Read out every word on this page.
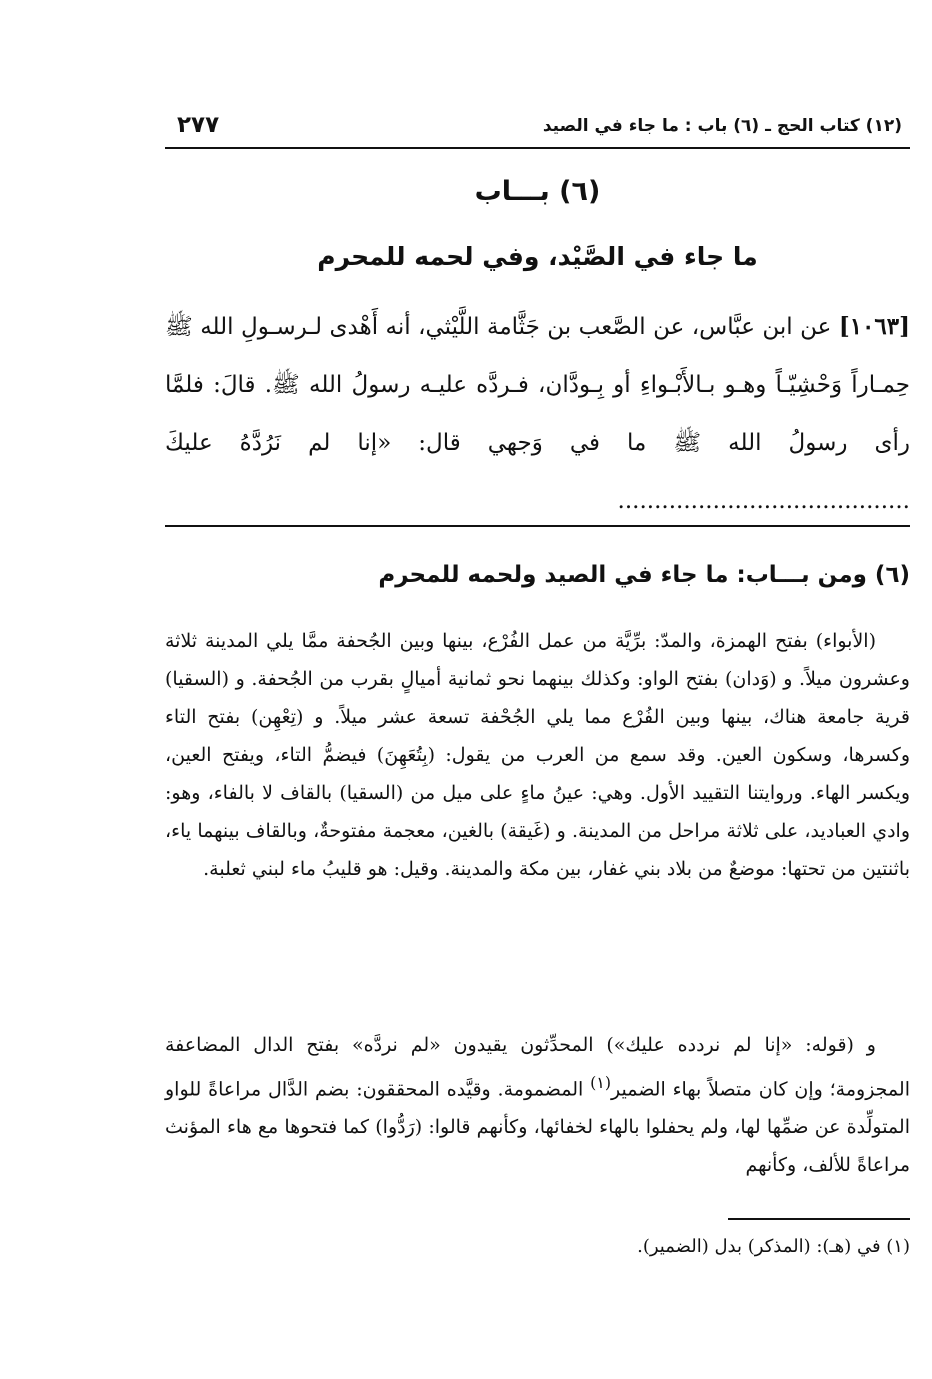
(١٢) كتاب الحج ـ (٦) باب : ما جاء في الصيد
٢٧٧
(٦) بـــاب
ما جاء في الصَّيْد، وفي لحمه للمحرم
[١٠٦٣] عن ابن عبَّاس، عن الصَّعب بن جَثَّامة اللَّيْثي، أنه أَهْدى لـرسـولِ الله ﷺ حِمـاراً وَحْشِيّـاً وهـو بـالأَبْـواءِ أو بِـودَّان، فـردَّه عليـه رسولُ الله ﷺ. قالَ: فلمَّا رأى رسولُ الله ﷺ ما في وَجهي قال: «إنا لم نَرُدَّهُ عليكَ ........................................
(٦) ومن بـــاب: ما جاء في الصيد ولحمه للمحرم
(الأبواء) بفتح الهمزة، والمدّ: برِّيَّة من عمل الفُرْع، بينها وبين الجُحفة ممَّا يلي المدينة ثلاثة وعشرون ميلاً. و (وَدان) بفتح الواو: وكذلك بينهما نحو ثمانية أميالٍ بقرب من الجُحفة. و (السقيا) قرية جامعة هناك، بينها وبين الفُرْع مما يلي الجُحْفة تسعة عشر ميلاً. و (تِعْهِن) بفتح التاء وكسرها، وسكون العين. وقد سمع من العرب من يقول: (بِتُعَهِنَ) فيضمُّ التاء، ويفتح العين، ويكسر الهاء. وروايتنا التقييد الأول. وهي: عينُ ماءٍ على ميل من (السقيا) بالقاف لا بالفاء، وهو: وادي العباديد، على ثلاثة مراحل من المدينة. و (غَيقة) بالغين، معجمة مفتوحةٌ، وبالقاف بينهما ياء، باثنتين من تحتها: موضعٌ من بلاد بني غفار، بين مكة والمدينة. وقيل: هو قليبُ ماء لبني ثعلبة.
و (قوله: «إنا لم نردده عليك») المحدِّثون يقيدون «لم نردَّه» بفتح الدال المضاعفة المجزومة؛ وإن كان متصلاً بهاء الضمير$^{(١)}$ المضمومة. وقيَّده المحققون: بضم الدَّال مراعاةً للواو المتولِّدة عن ضمِّها لها، ولم يحفلوا بالهاء لخفائها، وكأنهم قالوا: (رَدُّوا) كما فتحوها مع هاء المؤنث مراعاةً للألف، وكأنهم
(١) في (هـ): (المذكر) بدل (الضمير).
